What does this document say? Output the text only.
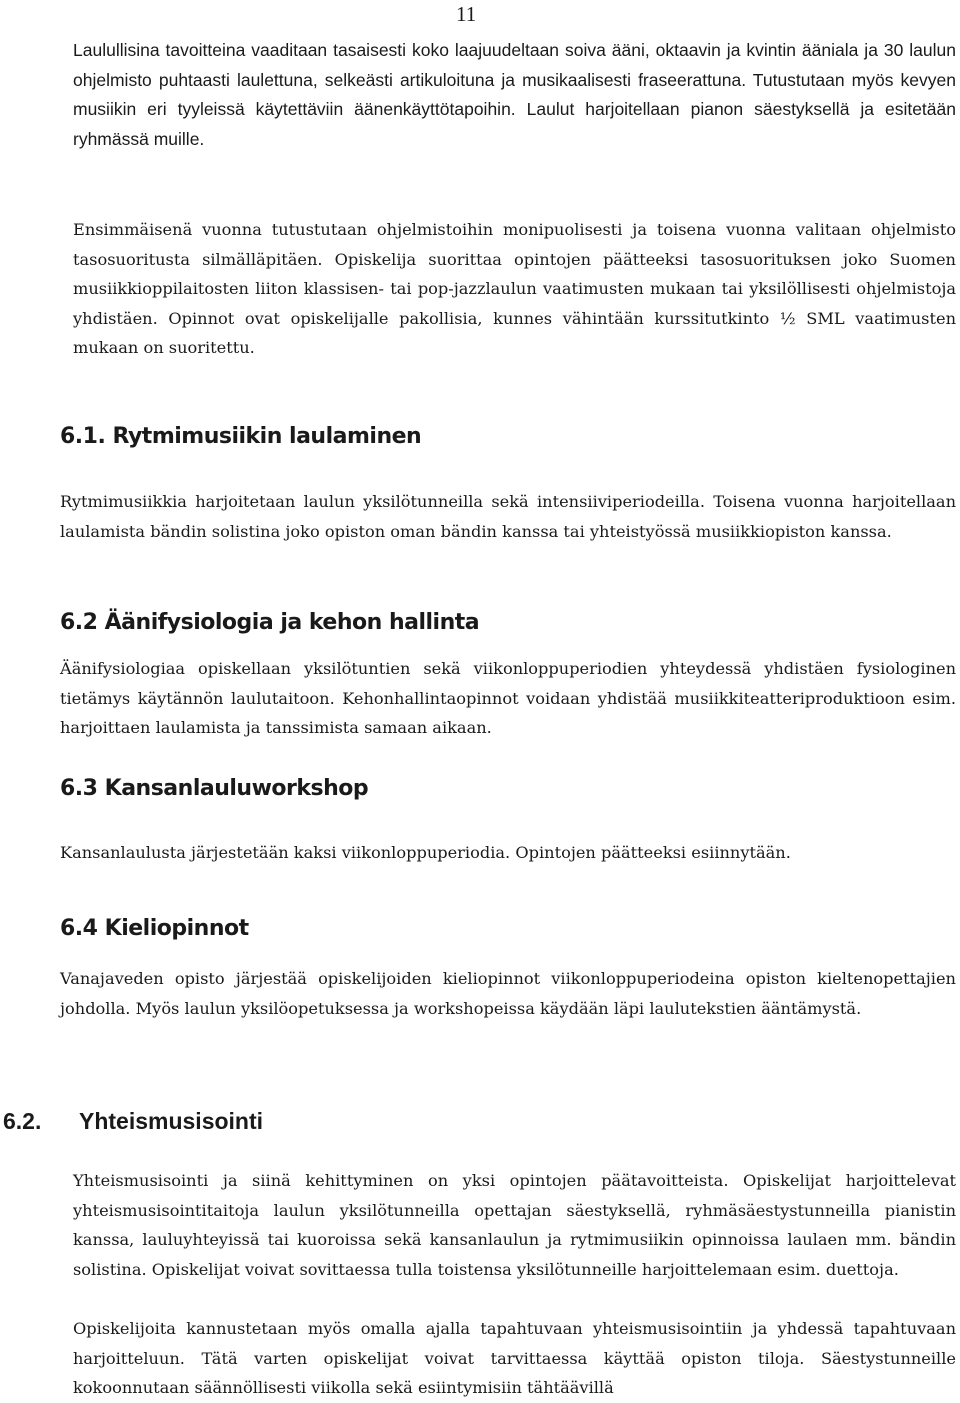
11

Laulullisina tavoitteina vaaditaan tasaisesti koko laajuudeltaan soiva ääni, oktaavin ja kvintin ääniala ja 30 laulun ohjelmisto puhtaasti laulettuna, selkeästi artikuloituna ja musikaalisesti fraseerattuna. Tutustutaan myös kevyen musiikin eri tyyleissä käytettäviin äänenkäyttötapoihin. Laulut harjoitellaan pianon säestyksellä ja esitetään ryhmässä muille.

Ensimmäisenä vuonna tutustutaan ohjelmistoihin monipuolisesti ja toisena vuonna valitaan ohjelmisto tasosuoritusta silmälläpitäen. Opiskelija suorittaa opintojen päätteeksi tasosuorituksen joko Suomen musiikkioppilaitosten liiton klassisen- tai pop-jazzlaulun vaatimusten mukaan tai yksilöllisesti ohjelmistoja yhdistäen. Opinnot ovat opiskelijalle pakollisia, kunnes vähintään kurssitutkinto ½ SML vaatimusten mukaan on suoritettu.

6.1. Rytmimusiikin laulaminen

Rytmimusiikkia harjoitetaan laulun yksilötunneilla sekä intensiiviperiodeilla. Toisena vuonna harjoitellaan laulamista bändin solistina joko opiston oman bändin kanssa tai yhteistyössä musiikkiopiston kanssa.

6.2 Äänifysiologia ja kehon hallinta

Äänifysiologiaa opiskellaan yksilötuntien sekä viikonloppuperiodien yhteydessä yhdistäen fysiologinen tietämys käytännön laulutaitoon. Kehonhallintaopinnot voidaan yhdistää musiikkiteatteriproduktioon esim. harjoittaen laulamista ja tanssimista samaan aikaan.

6.3 Kansanlauluworkshop

Kansanlaulusta järjestetään kaksi viikonloppuperiodia. Opintojen päätteeksi esiinnytään.

6.4 Kieliopinnot

Vanajaveden opisto järjestää opiskelijoiden kieliopinnot viikonloppuperiodeina opiston kieltenopettajien johdolla. Myös laulun yksilöopetuksessa ja workshopeissa käydään läpi laulutekstien ääntämystä.

6.2. Yhteismusisointi

Yhteismusisointi ja siinä kehittyminen on yksi opintojen päätavoitteista. Opiskelijat harjoittelevat yhteismusisointitaitoja laulun yksilötunneilla opettajan säestyksellä, ryhmäsäestystunneilla pianistin kanssa, lauluyhteyissä tai kuoroissa sekä kansanlaulun ja rytmimusiikin opinnoissa laulaen mm. bändin solistina. Opiskelijat voivat sovittaessa tulla toistensa yksilötunneille harjoittelemaan esim. duettoja.

Opiskelijoita kannustetaan myös omalla ajalla tapahtuvaan yhteismusisointiin ja yhdessä tapahtuvaan harjoitteluun. Tätä varten opiskelijat voivat tarvittaessa käyttää opiston tiloja. Säestystunneille kokoonnutaan säännöllisesti viikolla sekä esiintymisiin tähtäävillä
